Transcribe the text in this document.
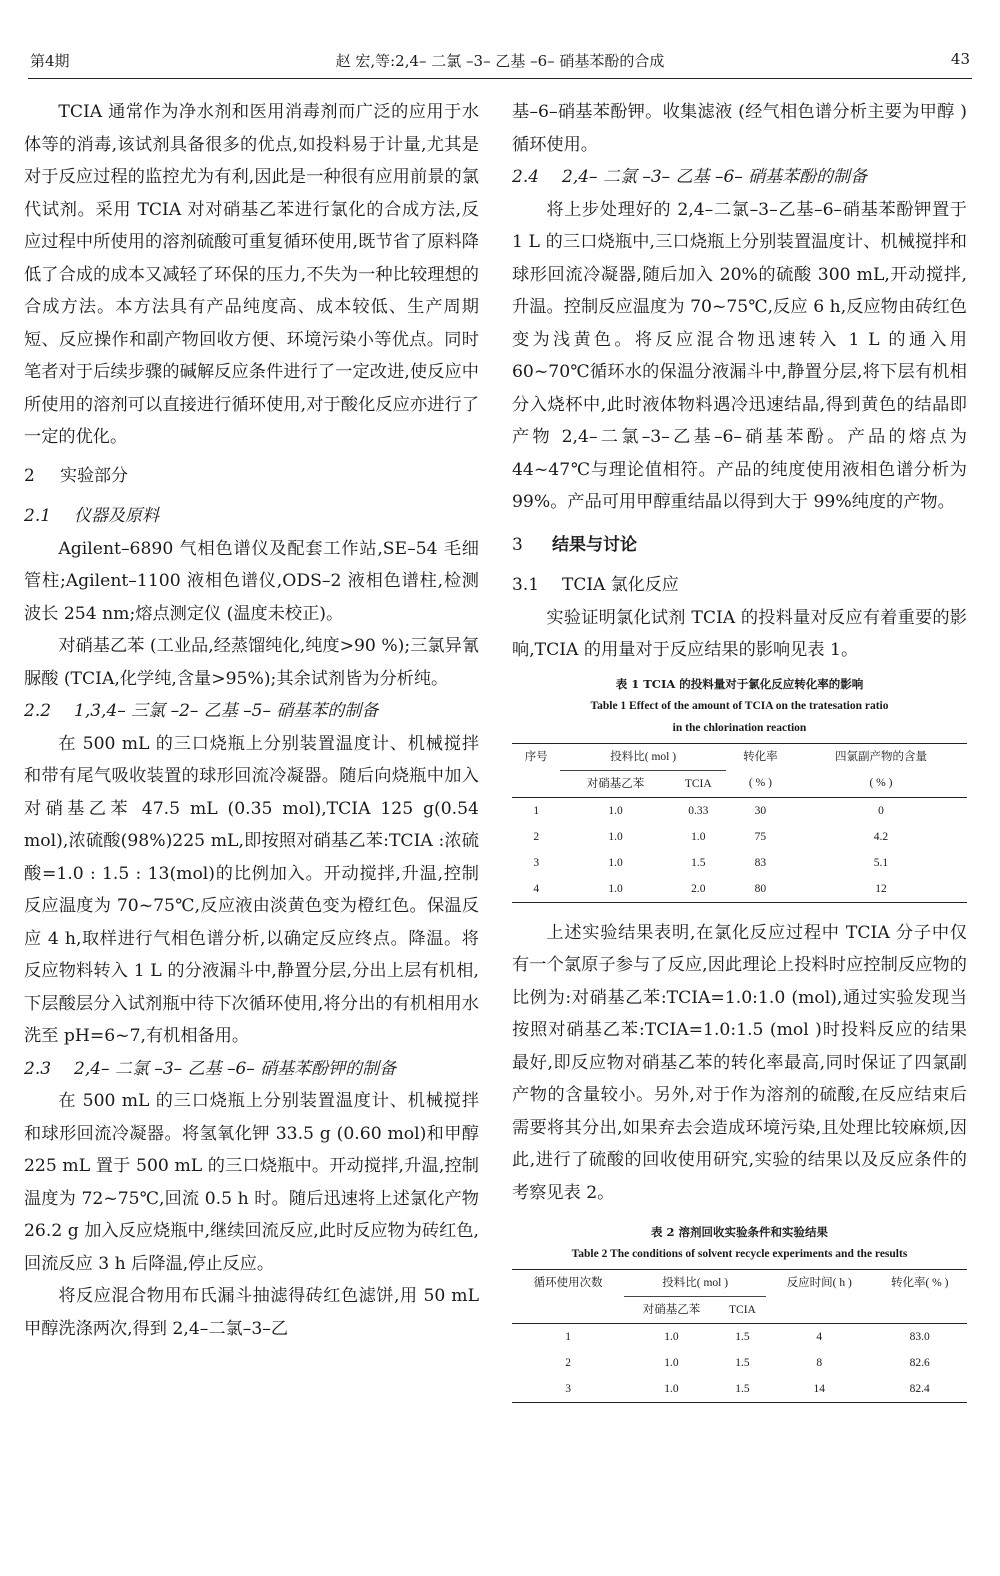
第4期	赵 宏,等:2,4– 二氯 –3– 乙基 –6– 硝基苯酚的合成	43

TCIA 通常作为净水剂和医用消毒剂而广泛的应用于水体等的消毒,该试剂具备很多的优点,如投料易于计量,尤其是对于反应过程的监控尤为有利,因此是一种很有应用前景的氯代试剂。采用 TCIA 对对硝基乙苯进行氯化的合成方法,反应过程中所使用的溶剂硫酸可重复循环使用,既节省了原料降低了合成的成本又减轻了环保的压力,不失为一种比较理想的合成方法。本方法具有产品纯度高、成本较低、生产周期短、反应操作和副产物回收方便、环境污染小等优点。同时笔者对于后续步骤的碱解反应条件进行了一定改进,使反应中所使用的溶剂可以直接进行循环使用,对于酸化反应亦进行了一定的优化。

2 实验部分
2.1 仪器及原料

Agilent–6890 气相色谱仪及配套工作站,SE–54 毛细管柱;Agilent–1100 液相色谱仪,ODS–2 液相色谱柱,检测波长 254 nm;熔点测定仪 (温度未校正)。

对硝基乙苯 (工业品,经蒸馏纯化,纯度>90 %);三氯异氰脲酸 (TCIA,化学纯,含量>95%);其余试剂皆为分析纯。

2.2 1,3,4– 三氯 –2– 乙基 –5– 硝基苯的制备

在 500 mL 的三口烧瓶上分别装置温度计、机械搅拌和带有尾气吸收装置的球形回流冷凝器。随后向烧瓶中加入对硝基乙苯 47.5 mL (0.35 mol),TCIA 125 g(0.54 mol),浓硫酸(98%)225 mL,即按照对硝基乙苯:TCIA :浓硫酸=1.0 : 1.5 : 13(mol)的比例加入。开动搅拌,升温,控制反应温度为 70~75℃,反应液由淡黄色变为橙红色。保温反应 4 h,取样进行气相色谱分析,以确定反应终点。降温。将反应物料转入 1 L 的分液漏斗中,静置分层,分出上层有机相,下层酸层分入试剂瓶中待下次循环使用,将分出的有机相用水洗至 pH=6~7,有机相备用。

2.3 2,4– 二氯 –3– 乙基 –6– 硝基苯酚钾的制备

在 500 mL 的三口烧瓶上分别装置温度计、机械搅拌和球形回流冷凝器。将氢氧化钾 33.5 g (0.60 mol)和甲醇 225 mL 置于 500 mL 的三口烧瓶中。开动搅拌,升温,控制温度为 72~75℃,回流 0.5 h 时。随后迅速将上述氯化产物 26.2 g 加入反应烧瓶中,继续回流反应,此时反应物为砖红色,回流反应 3 h 后降温,停止反应。

将反应混合物用布氏漏斗抽滤得砖红色滤饼,用 50 mL 甲醇洗涤两次,得到 2,4–二氯–3–乙

基–6–硝基苯酚钾。收集滤液 (经气相色谱分析主要为甲醇 )循环使用。

2.4 2,4– 二氯 –3– 乙基 –6– 硝基苯酚的制备

将上步处理好的 2,4–二氯–3–乙基–6–硝基苯酚钾置于 1 L 的三口烧瓶中,三口烧瓶上分别装置温度计、机械搅拌和球形回流冷凝器,随后加入 20%的硫酸 300 mL,开动搅拌,升温。控制反应温度为 70~75℃,反应 6 h,反应物由砖红色变为浅黄色。将反应混合物迅速转入 1 L 的通入用 60~70℃循环水的保温分液漏斗中,静置分层,将下层有机相分入烧杯中,此时液体物料遇冷迅速结晶,得到黄色的结晶即产物 2,4–二氯–3–乙基–6–硝基苯酚。产品的熔点为 44~47℃与理论值相符。产品的纯度使用液相色谱分析为 99%。产品可用甲醇重结晶以得到大于 99%纯度的产物。

3 结果与讨论
3.1 TCIA 氯化反应

实验证明氯化试剂 TCIA 的投料量对反应有着重要的影响,TCIA 的用量对于反应结果的影响见表 1。

表 1 TCIA 的投料量对于氯化反应转化率的影响

Table 1 Effect of the amount of TCIA on the tratesation ratio

in the chlorination reaction

序号	投料比( mol )		转化率	四氯副产物的含量
	对硝基乙苯	TCIA	( % )	( % )
1	1.0	0.33	30	0
2	1.0	1.0	75	4.2
3	1.0	1.5	83	5.1
4	1.0	2.0	80	12

上述实验结果表明,在氯化反应过程中 TCIA 分子中仅有一个氯原子参与了反应,因此理论上投料时应控制反应物的比例为:对硝基乙苯:TCIA=1.0:1.0 (mol),通过实验发现当按照对硝基乙苯:TCIA=1.0:1.5 (mol )时投料反应的结果最好,即反应物对硝基乙苯的转化率最高,同时保证了四氯副产物的含量较小。另外,对于作为溶剂的硫酸,在反应结束后需要将其分出,如果弃去会造成环境污染,且处理比较麻烦,因此,进行了硫酸的回收使用研究,实验的结果以及反应条件的考察见表 2。

表 2 溶剂回收实验条件和实验结果

Table 2 The conditions of solvent recycle experiments and the results

循环使用次数	投料比( mol )		反应时间( h )	转化率( % )
	对硝基乙苯	TCIA		
1	1.0	1.5	4	83.0
2	1.0	1.5	8	82.6
3	1.0	1.5	14	82.4
